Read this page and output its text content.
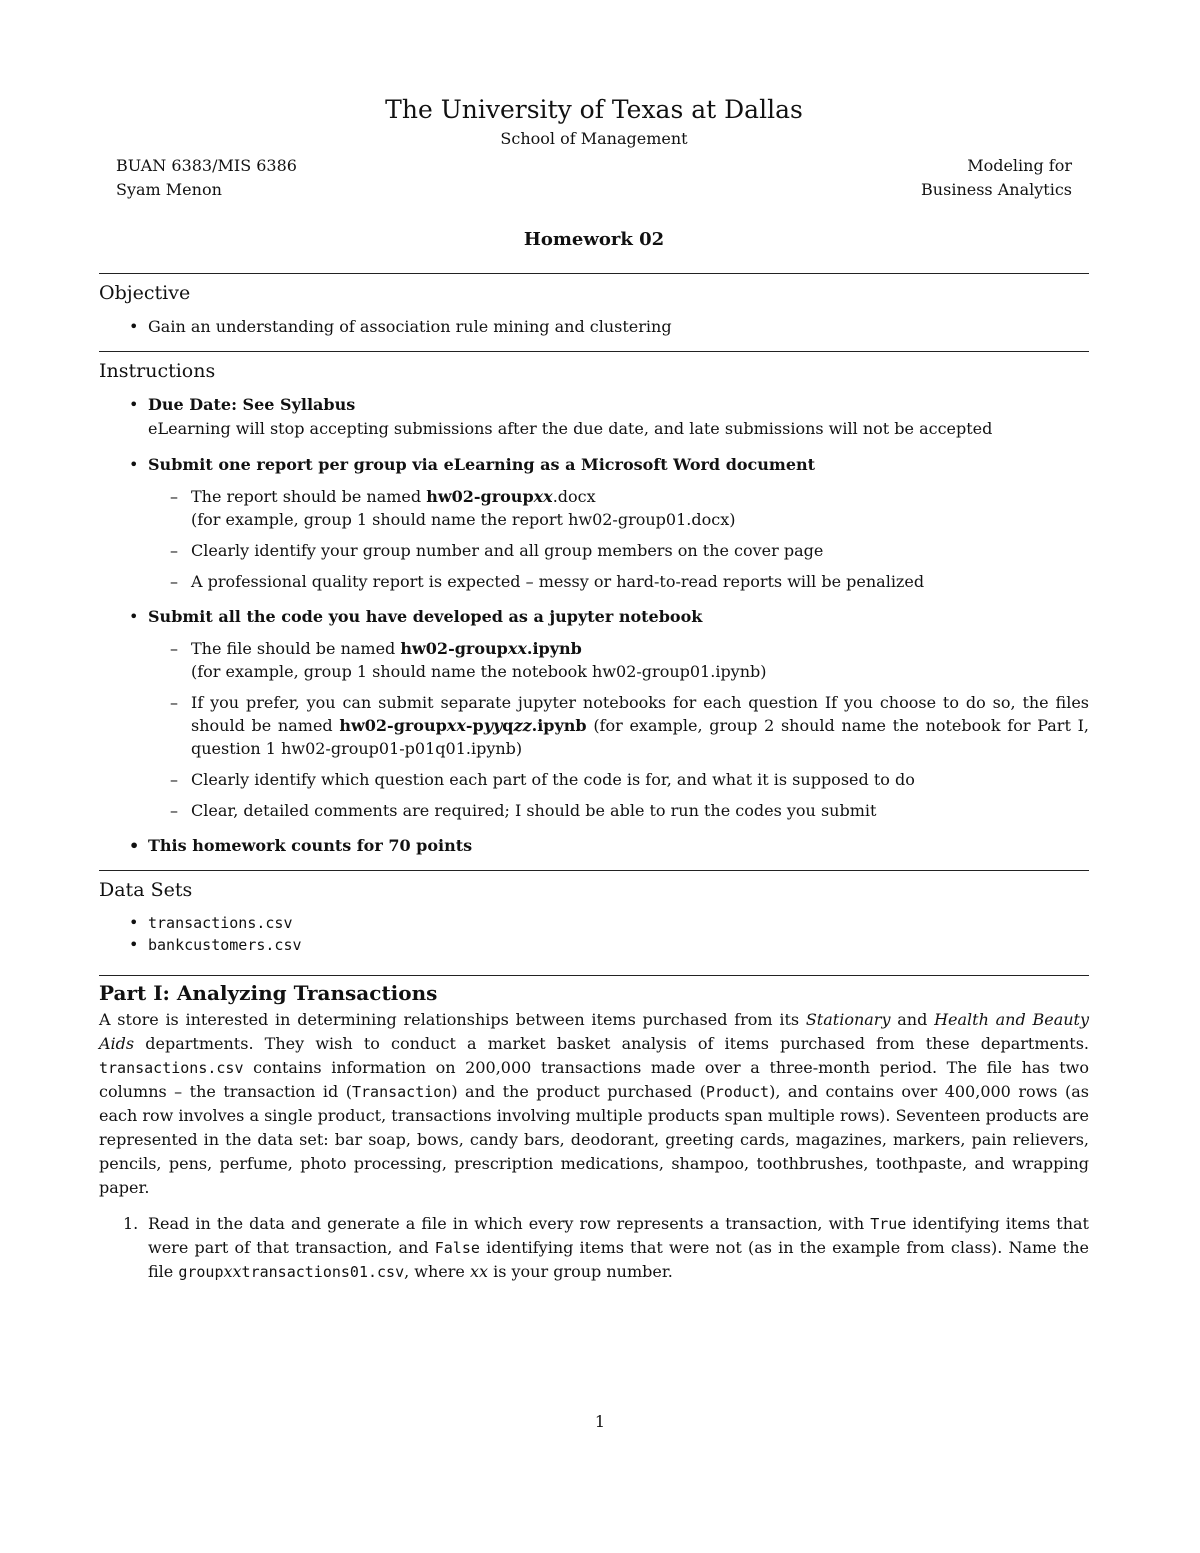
The University of Texas at Dallas

School of Management

BUAN 6383/MIS 6386
Syam Menon
Modeling for
Business Analytics

Homework 02

Objective

• Gain an understanding of association rule mining and clustering

Instructions

• Due Date: See Syllabus
eLearning will stop accepting submissions after the due date, and late submissions will not be accepted
• Submit one report per group via eLearning as a Microsoft Word document
– The report should be named hw02-groupxx.docx
(for example, group 1 should name the report hw02-group01.docx)
– Clearly identify your group number and all group members on the cover page
– A professional quality report is expected – messy or hard-to-read reports will be penalized
• Submit all the code you have developed as a jupyter notebook
– The file should be named hw02-groupxx.ipynb
(for example, group 1 should name the notebook hw02-group01.ipynb)
– If you prefer, you can submit separate jupyter notebooks for each question If you choose to do so, the files should be named hw02-groupxx-pyyqzz.ipynb (for example, group 2 should name the notebook for Part I, question 1 hw02-group01-p01q01.ipynb)
– Clearly identify which question each part of the code is for, and what it is supposed to do
– Clear, detailed comments are required; I should be able to run the codes you submit
• This homework counts for 70 points

Data Sets

• transactions.csv
• bankcustomers.csv

Part I: Analyzing Transactions

A store is interested in determining relationships between items purchased from its Stationary and Health and Beauty Aids departments. They wish to conduct a market basket analysis of items purchased from these departments. transactions.csv contains information on 200,000 transactions made over a three-month period. The file has two columns – the transaction id (Transaction) and the product purchased (Product), and contains over 400,000 rows (as each row involves a single product, transactions involving multiple products span multiple rows). Seventeen products are represented in the data set: bar soap, bows, candy bars, deodorant, greeting cards, magazines, markers, pain relievers, pencils, pens, perfume, photo processing, prescription medications, shampoo, toothbrushes, toothpaste, and wrapping paper.

1. Read in the data and generate a file in which every row represents a transaction, with True identifying items that were part of that transaction, and False identifying items that were not (as in the example from class). Name the file groupxxtransactions01.csv, where xx is your group number.
1
